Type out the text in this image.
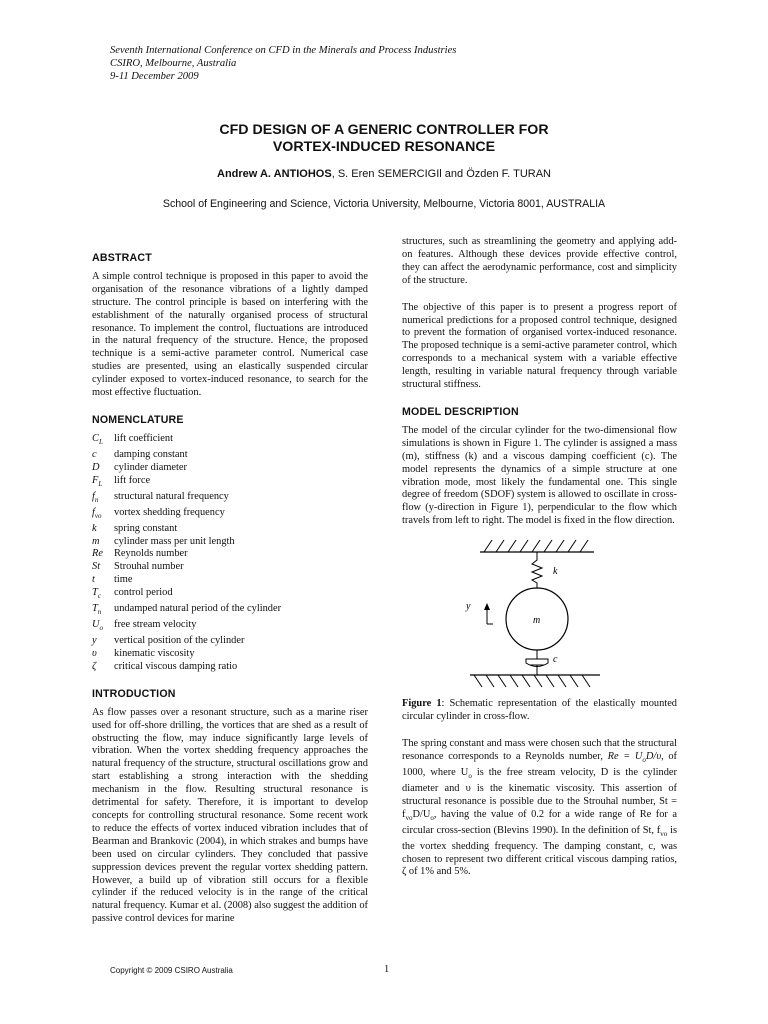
Seventh International Conference on CFD in the Minerals and Process Industries
CSIRO, Melbourne, Australia
9-11 December 2009
CFD DESIGN OF A GENERIC CONTROLLER FOR
VORTEX-INDUCED RESONANCE
Andrew A. ANTIOHOS, S. Eren SEMERCIGIl and Özden F. TURAN
School of Engineering and Science, Victoria University, Melbourne, Victoria 8001, AUSTRALIA
ABSTRACT

A simple control technique is proposed in this paper to avoid the organisation of the resonance vibrations of a lightly damped structure. The control principle is based on interfering with the establishment of the naturally organised process of structural resonance. To implement the control, fluctuations are introduced in the natural frequency of the structure. Hence, the proposed technique is a semi-active parameter control. Numerical case studies are presented, using an elastically suspended circular cylinder exposed to vortex-induced resonance, to search for the most effective fluctuation.

NOMENCLATURE
$C_L$	lift coefficient
c	damping constant
D	cylinder diameter
$F_L$	lift force
$f_n$	structural natural frequency
$f_{vo}$	vortex shedding frequency
k	spring constant
m	cylinder mass per unit length
Re	Reynolds number
St	Strouhal number
t	time
$T_c$	control period
$T_n$	undamped natural period of the cylinder
$U_o$	free stream velocity
y	vertical position of the cylinder
υ	kinematic viscosity
ζ	critical viscous damping ratio
INTRODUCTION

As flow passes over a resonant structure, such as a marine riser used for off-shore drilling, the vortices that are shed as a result of obstructing the flow, may induce significantly large levels of vibration. When the vortex shedding frequency approaches the natural frequency of the structure, structural oscillations grow and start establishing a strong interaction with the shedding mechanism in the flow. Resulting structural resonance is detrimental for safety. Therefore, it is important to develop concepts for controlling structural resonance. Some recent work to reduce the effects of vortex induced vibration includes that of Bearman and Brankovic (2004), in which strakes and bumps have been used on circular cylinders. They concluded that passive suppression devices prevent the regular vortex shedding pattern. However, a build up of vibration still occurs for a flexible cylinder if the reduced velocity is in the range of the critical natural frequency. Kumar et al. (2008) also suggest the addition of passive control devices for marine

structures, such as streamlining the geometry and applying add-on features. Although these devices provide effective control, they can affect the aerodynamic performance, cost and simplicity of the structure.

The objective of this paper is to present a progress report of numerical predictions for a proposed control technique, designed to prevent the formation of organised vortex-induced resonance. The proposed technique is a semi-active parameter control, which corresponds to a mechanical system with a variable effective length, resulting in variable natural frequency through variable structural stiffness.

MODEL DESCRIPTION

The model of the circular cylinder for the two-dimensional flow simulations is shown in Figure 1. The cylinder is assigned a mass (m), stiffness (k) and a viscous damping coefficient (c). The model represents the dynamics of a simple structure at one vibration mode, most likely the fundamental one. This single degree of freedom (SDOF) system is allowed to oscillate in cross-flow (y-direction in Figure 1), perpendicular to the flow which travels from left to right. The model is fixed in the flow direction.

k
y
m
c

Figure 1: Schematic representation of the elastically mounted circular cylinder in cross-flow.

The spring constant and mass were chosen such that the structural resonance corresponds to a Reynolds number, $Re = U_oD/\upsilon$, of 1000, where $U_o$ is the free stream velocity, D is the cylinder diameter and υ is the kinematic viscosity. This assertion of structural resonance is possible due to the Strouhal number, $St = f_{vo}D/U_o$, having the value of 0.2 for a wide range of Re for a circular cross-section (Blevins 1990). In the definition of St, $f_{vo}$ is the vortex shedding frequency. The damping constant, c, was chosen to represent two different critical viscous damping ratios, ζ of 1% and 5%.

Copyright © 2009 CSIRO Australia	1
